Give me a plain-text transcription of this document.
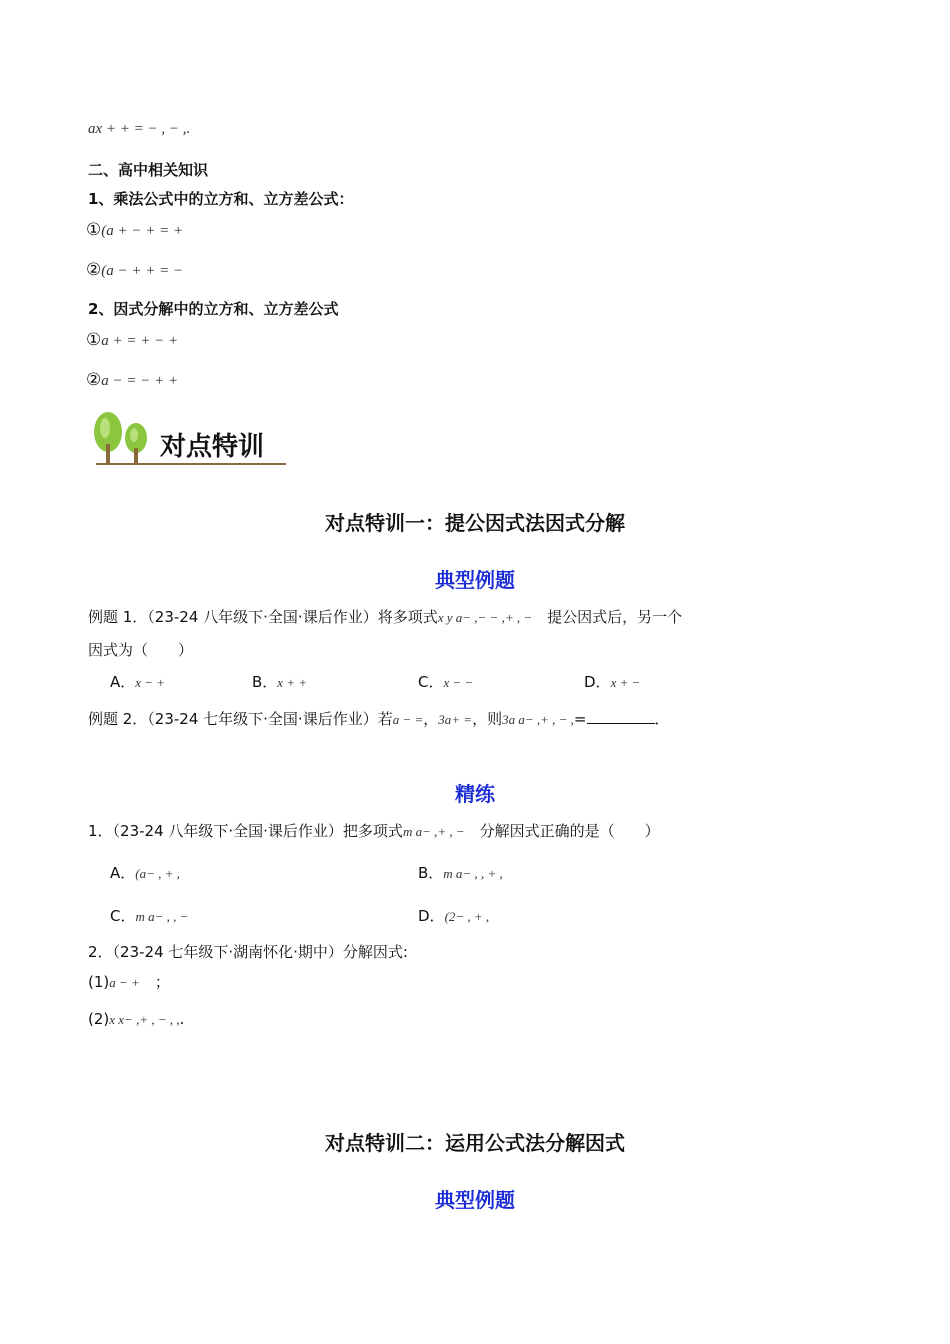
ax + + = − , − ,.
二、高中相关知识
1、乘法公式中的立方和、立方差公式：
①(a + − + = +
②(a − + + = −
2、因式分解中的立方和、立方差公式
①a + = + − +
②a − = − + +
对点特训
对点特训一：提公因式法因式分解
典型例题
例题 1．（23-24 八年级下·全国·课后作业）将多项式x y a− ,− − ,+ , −　 提公因式后，另一个
因式为（　　）
A．x − +	B．x + +	C．x − −	D．x + −
例题 2．（23-24 七年级下·全国·课后作业）若a − =，3a+ =，则3a a− ,+ , − ,=	．
精练
1．（23-24 八年级下·全国·课后作业）把多项式m a− ,+ , −　 分解因式正确的是（　　）
A．(a− , + ,	B．m a− , , + ,
C．m a− , , −	D．(2− , + ,
2．（23-24 七年级下·湖南怀化·期中）分解因式:
(1)a − +　 ；
(2)x x− ,+ , − , ,.
对点特训二：运用公式法分解因式
典型例题
